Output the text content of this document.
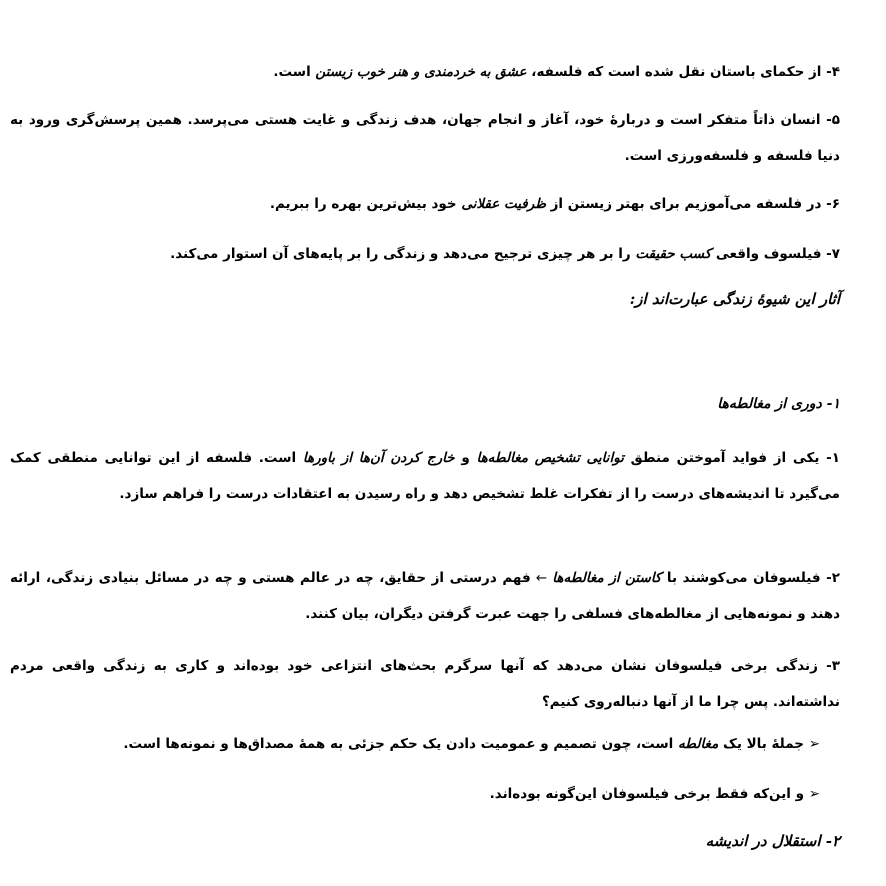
۴- از حکمای باستان نقل شده است که فلسفه، عشق به خردمندی و هنر خوب زیستن است.

۵- انسان ذاتاً متفکر است و دربارهٔ خود، آغاز و انجام جهان، هدف زندگی و غایت هستی می‌پرسد. همین پرسش‌گری ورود به دنیا فلسفه و فلسفه‌ورزی است.

۶- در فلسفه می‌آموزیم برای بهتر زیستن از ظرفیت عقلانی خود بیش‌ترین بهره را ببریم.

۷- فیلسوف واقعی کسب حقیقت را بر هر چیزی ترجیح می‌دهد و زندگی را بر پایه‌های آن استوار می‌کند.

آثار این شیوهٔ زندگی عبارت‌اند از:

۱- دوری از مغالطه‌ها

۱- یکی از فواید آموختن منطق توانایی تشخیص مغالطه‌ها و خارج کردن آن‌ها از باورها است. فلسفه از این توانایی منطقی کمک می‌گیرد تا اندیشه‌های درست را از تفکرات غلط تشخیص دهد و راه رسیدن به اعتقادات درست را فراهم سازد.

۲- فیلسوفان می‌کوشند با کاستن از مغالطه‌ها ← فهم درستی از حقایق، چه در عالم هستی و چه در مسائل بنیادی زندگی، ارائه دهند و نمونه‌هایی از مغالطه‌های فسلفی را جهت عبرت گرفتن دیگران، بیان کنند.

۳- زندگی برخی فیلسوفان نشان می‌دهد که آنها سرگرم بحث‌های انتزاعی خود بوده‌اند و کاری به زندگی واقعی مردم نداشته‌اند. پس چرا ما از آنها دنباله‌روی کنیم؟

➢ جملهٔ بالا یک مغالطه است، چون تصمیم و عمومیت دادن یک حکم جزئی به همهٔ مصداق‌ها و نمونه‌ها است.

➢ و این‌که فقط برخی فیلسوفان این‌گونه بوده‌اند.

۲- استقلال در اندیشه
